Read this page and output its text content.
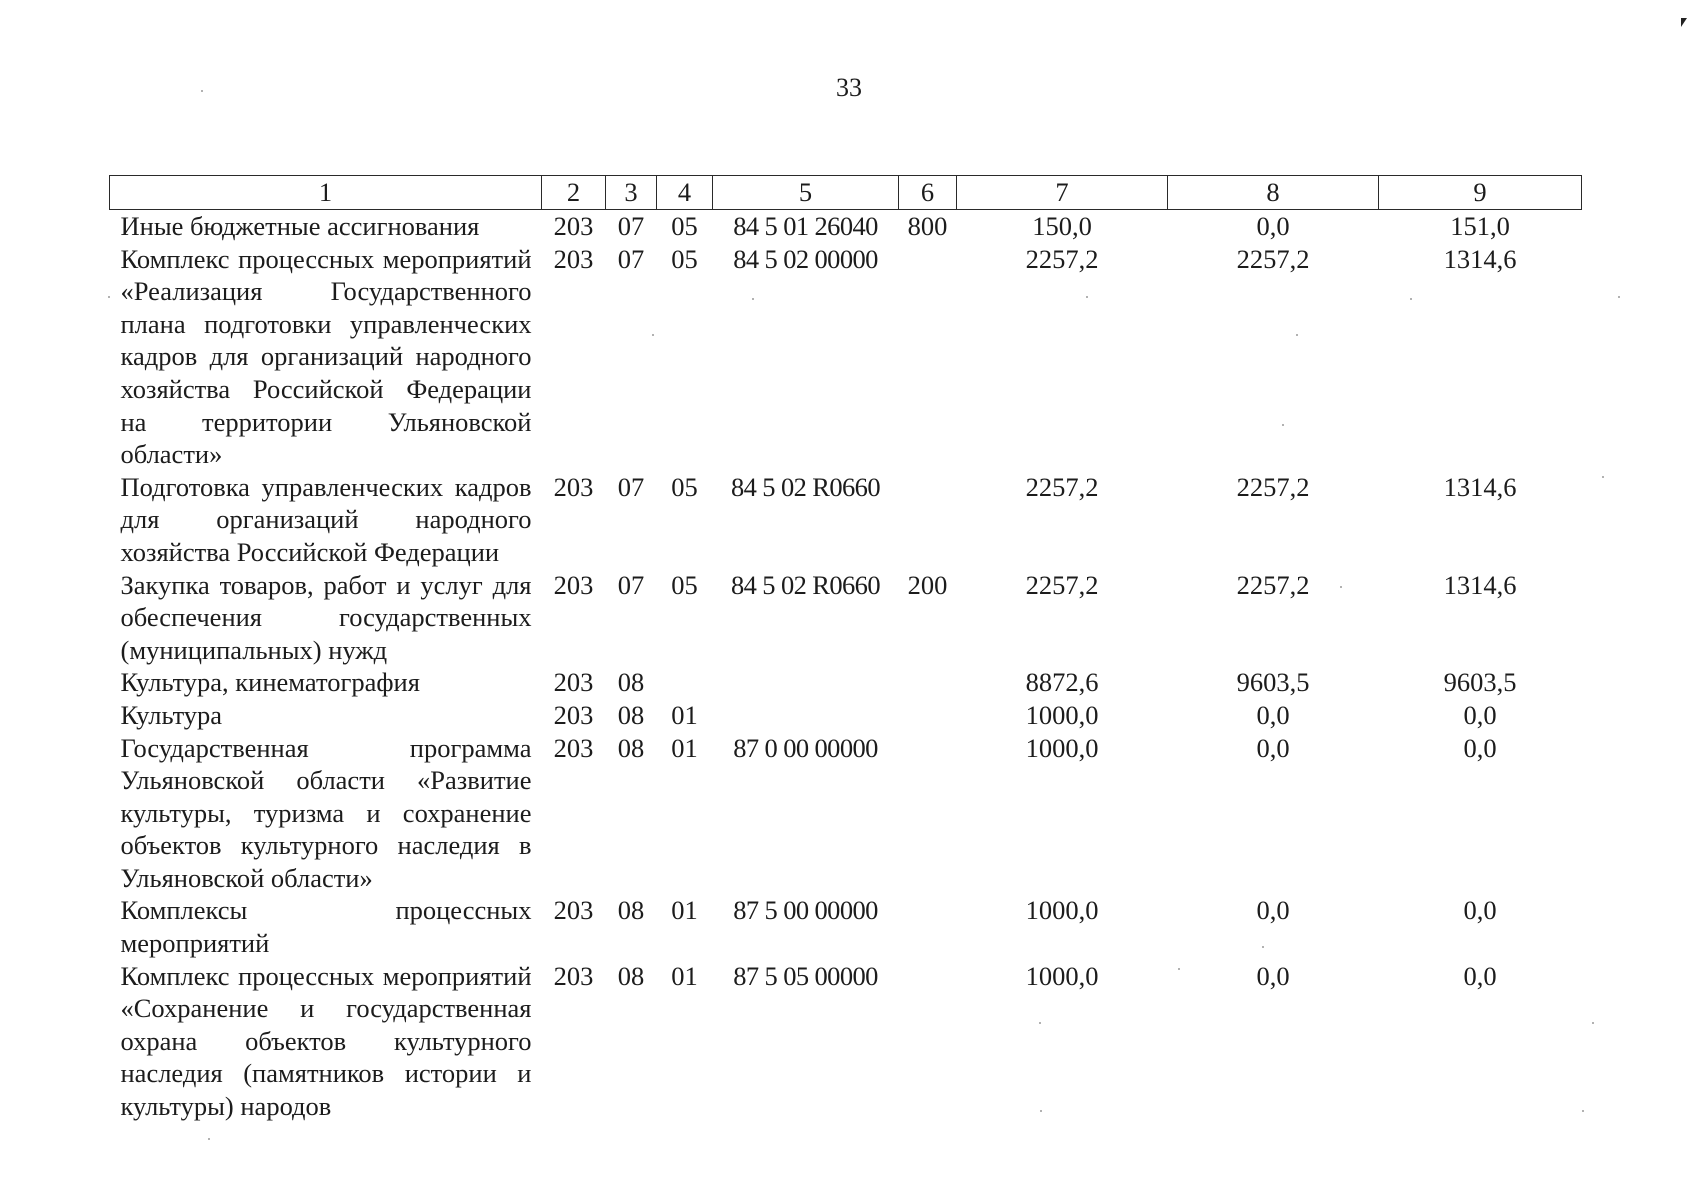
33
1	2	3	4	5	6	7	8	9
Иные бюджетные ассигнования	203	07	05	84 5 01 26040	800	150,0	0,0	151,0
Комплекс процессных мероприятий «Реализация Государственного плана подготовки управленческих кадров для организаций народного хозяйства Российской Федерации на территории Ульяновской области»	203	07	05	84 5 02 00000		2257,2	2257,2	1314,6
Подготовка управленческих кадров для организаций народного хозяйства Российской Федерации	203	07	05	84 5 02 R0660		2257,2	2257,2	1314,6
Закупка товаров, работ и услуг для обеспечения государственных (муниципальных) нужд	203	07	05	84 5 02 R0660	200	2257,2	2257,2	1314,6
Культура, кинематография	203	08				8872,6	9603,5	9603,5
Культура	203	08	01			1000,0	0,0	0,0
Государственная программа Ульяновской области «Развитие культуры, туризма и сохранение объектов культурного наследия в Ульяновской области»	203	08	01	87 0 00 00000		1000,0	0,0	0,0
Комплексы процессных мероприятий	203	08	01	87 5 00 00000		1000,0	0,0	0,0
Комплекс процессных мероприятий «Сохранение и государственная охрана объектов культурного наследия (памятников истории и культуры) народов	203	08	01	87 5 05 00000		1000,0	0,0	0,0
